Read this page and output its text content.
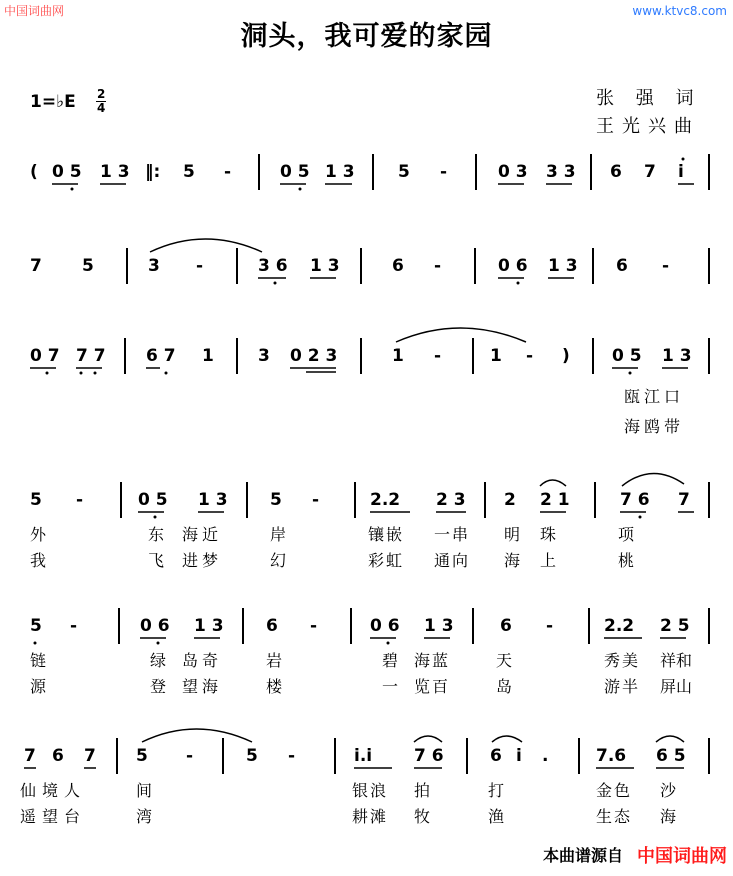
中国词曲网	www.ktvc8.com
洞头，我可爱的家园
1=♭E 2
4	张 强 词
王光兴曲
( 0 5 1 3 ‖: 5 -	0 5 1 3	5 -	0 3 3 3 6 7 i
7 5	3 -	3 6 1 3	6 -	0 6 1 3 6 -
0 7 7 7 6 7 1	3 0 2 3	1 -	1 - ) 0 5 1 3
瓯江口
海鸥带
5 -	0 5 1 3 5 -	2.2 2 3 2 2 1	7 6 7
外	东 海近	岸	镶嵌 一串 明 珠	项
我	飞 进梦	幻	彩虹 通向 海 上	桃
5 -	0 6 1 3 6 -	0 6 1 3	6 -	2.2 2 5
链	绿 岛奇	岩	碧 海蓝	天	秀美 祥和
源	登 望海	楼	一 览百	岛	游半 屏山
7 6 7 5 -	5 -	i.i 7 6	6 i .	7.6 6 5
仙境人	间	银浪 拍	打	金色 沙
遥望台	湾	耕滩 牧	渔	生态 海
本曲谱源自 中国词曲网
